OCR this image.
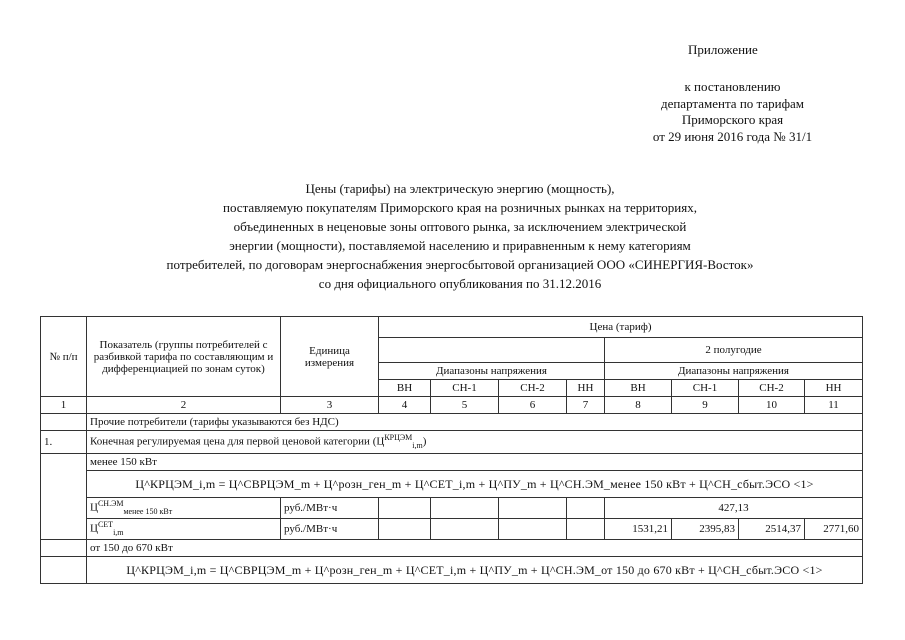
Приложение
к постановлению
департамента по тарифам
Приморского края
от 29 июня 2016 года № 31/1
Цены (тарифы) на электрическую энергию (мощность),
поставляемую покупателям Приморского края на розничных рынках на территориях,
объединенных в неценовые зоны оптового рынка, за исключением электрической
энергии (мощности), поставляемой населению и приравненным к нему категориям
потребителей, по договорам энергоснабжения энергосбытовой организацией ООО «СИНЕРГИЯ-Восток»
со дня официального опубликования по 31.12.2016
№ п/п	Показатель (группы потребителей с разбивкой тарифа по составляющим и дифференциацией по зонам суток)	Единица измерения	Цена (тариф)							
							2 полугодие			
			Диапазоны напряжения				Диапазоны напряжения			
			ВН	СН-1	СН-2	НН	ВН	СН-1	СН-2	НН
1	2	3	4	5	6	7	8	9	10	11
	Прочие потребители (тарифы указываются без НДС)									
1.	Конечная регулируемая цена для первой ценовой категории $(Ц^{КРЦЭМ}_{i,m})$									
	менее 150 кВт									
	Ц^КРЦЭМ_i,m = Ц^СВРЦЭМ_m + Ц^розн_ген_m + Ц^СЕТ_i,m + Ц^ПУ_m + Ц^СН.ЭМ_менее 150 кВт + Ц^СН_сбыт.ЭСО <1>									
	$Ц^{СН.ЭМ}_{менее 150 кВт}$	руб./МВт·ч					427,13			
	$Ц^{СЕТ}_{i,m}$	руб./МВт·ч					1531,21	2395,83	2514,37	2771,60
	от 150 до 670 кВт									
	Ц^КРЦЭМ_i,m = Ц^СВРЦЭМ_m + Ц^розн_ген_m + Ц^СЕТ_i,m + Ц^ПУ_m + Ц^СН.ЭМ_от 150 до 670 кВт + Ц^СН_сбыт.ЭСО <1>									
